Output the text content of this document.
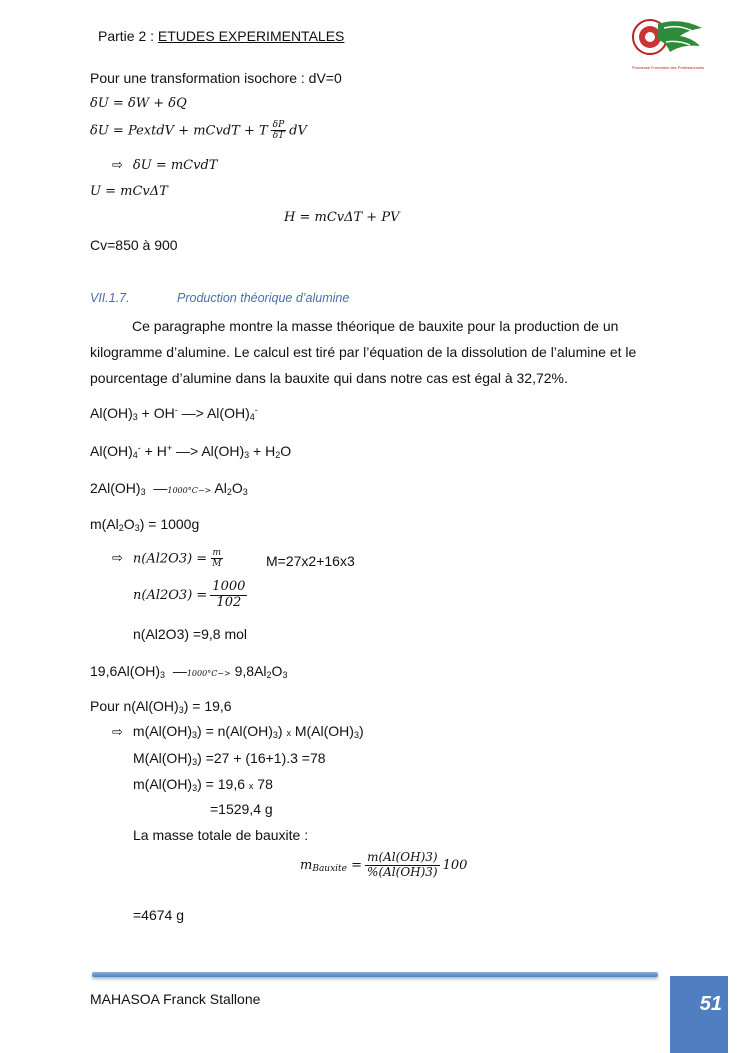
Partie 2 : ETUDES EXPERIMENTALES
Promesse Formation des Professionnels
Pour une transformation isochore : dV=0
δU = δW + δQ
δU = PextdV + mCvdT + T $\frac{\delta P}{\delta T}$ dV
⇨ δU = mCvdT
U = mCvΔT
H = mCvΔT + PV
Cv=850 à 900
VII.1.7.	Production théorique d’alumine
Ce paragraphe montre la masse théorique de bauxite pour la production de un kilogramme d’alumine. Le calcul est tiré par l’équation de la dissolution de l’alumine et le pourcentage d’alumine dans la bauxite qui dans notre cas est égal à 32,72%.
$Al(OH)_3 + OH^-$ —> $Al(OH)_4^-$
$Al(OH)_4^- + H^+$ —> $Al(OH)_3 + H_2O$
$2Al(OH)_3$ —1000°C−> $Al_2O_3$
$m(Al_2O_3) = 1000g$
⇨ $n(Al2O3) = \frac{m}{M}$	M=27x2+16x3
$n(Al2O3) = \frac{1000}{102}$
n(Al2O3) =9,8 mol
$19,6Al(OH)_3$ —1000°C−> $9,8Al_2O_3$
Pour $n(Al(OH)_3) = 19,6$
⇨ $m(Al(OH)_3) = n(Al(OH)_3)$ x $M(Al(OH)_3)$
$M(Al(OH)_3) =27 + (16+1).3 =78$
$m(Al(OH)_3) = 19,6$ x 78
=1529,4 g
La masse totale de bauxite :
$m_{Bauxite} = \frac{m(Al(OH)3)}{\%(Al(OH)3)} 100$
=4674 g
MAHASOA Franck Stallone	51
